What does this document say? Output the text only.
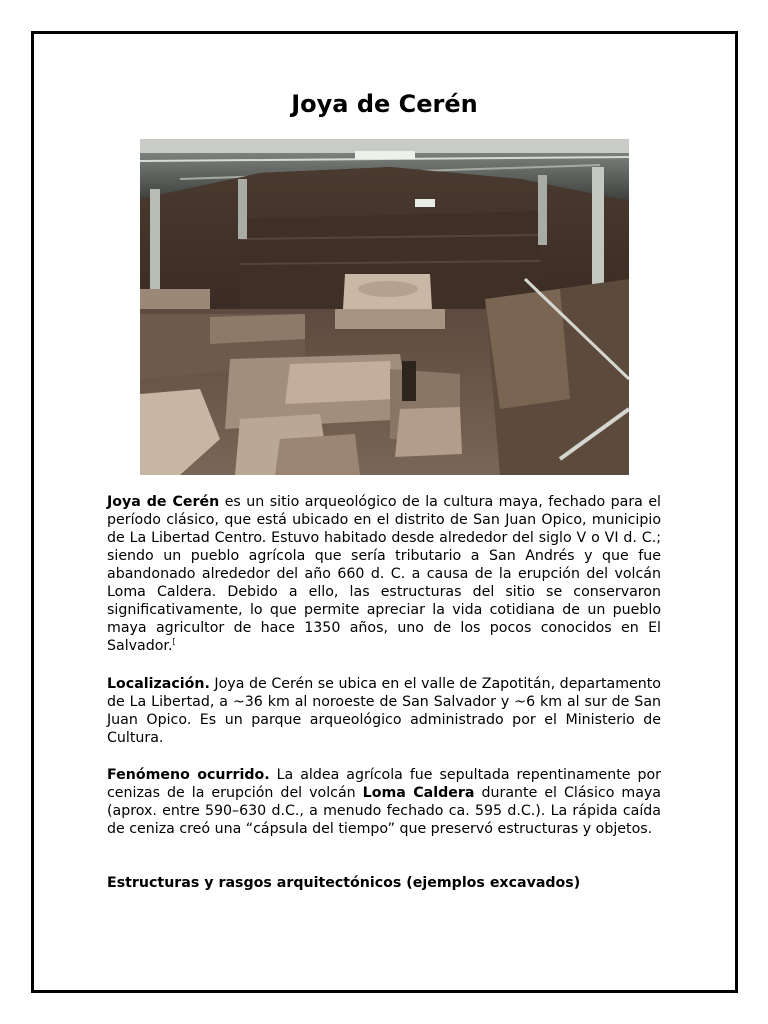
Joya de Cerén

Joya de Cerén es un sitio arqueológico de la cultura maya, fechado para el período clásico, que está ubicado en el distrito de San Juan Opico, municipio de La Libertad Centro. Estuvo habitado desde alrededor del siglo V o VI d. C.; siendo un pueblo agrícola que sería tributario a San Andrés y que fue abandonado alrededor del año 660 d. C. a causa de la erupción del volcán Loma Caldera. Debido a ello, las estructuras del sitio se conservaron significativamente, lo que permite apreciar la vida cotidiana de un pueblo maya agricultor de hace 1350 años, uno de los pocos conocidos en El Salvador.[

Localización. Joya de Cerén se ubica en el valle de Zapotitán, departamento de La Libertad, a ~36 km al noroeste de San Salvador y ~6 km al sur de San Juan Opico. Es un parque arqueológico administrado por el Ministerio de Cultura.

Fenómeno ocurrido. La aldea agrícola fue sepultada repentinamente por cenizas de la erupción del volcán Loma Caldera durante el Clásico maya (aprox. entre 590–630 d.C., a menudo fechado ca. 595 d.C.). La rápida caída de ceniza creó una “cápsula del tiempo” que preservó estructuras y objetos.

Estructuras y rasgos arquitectónicos (ejemplos excavados)
